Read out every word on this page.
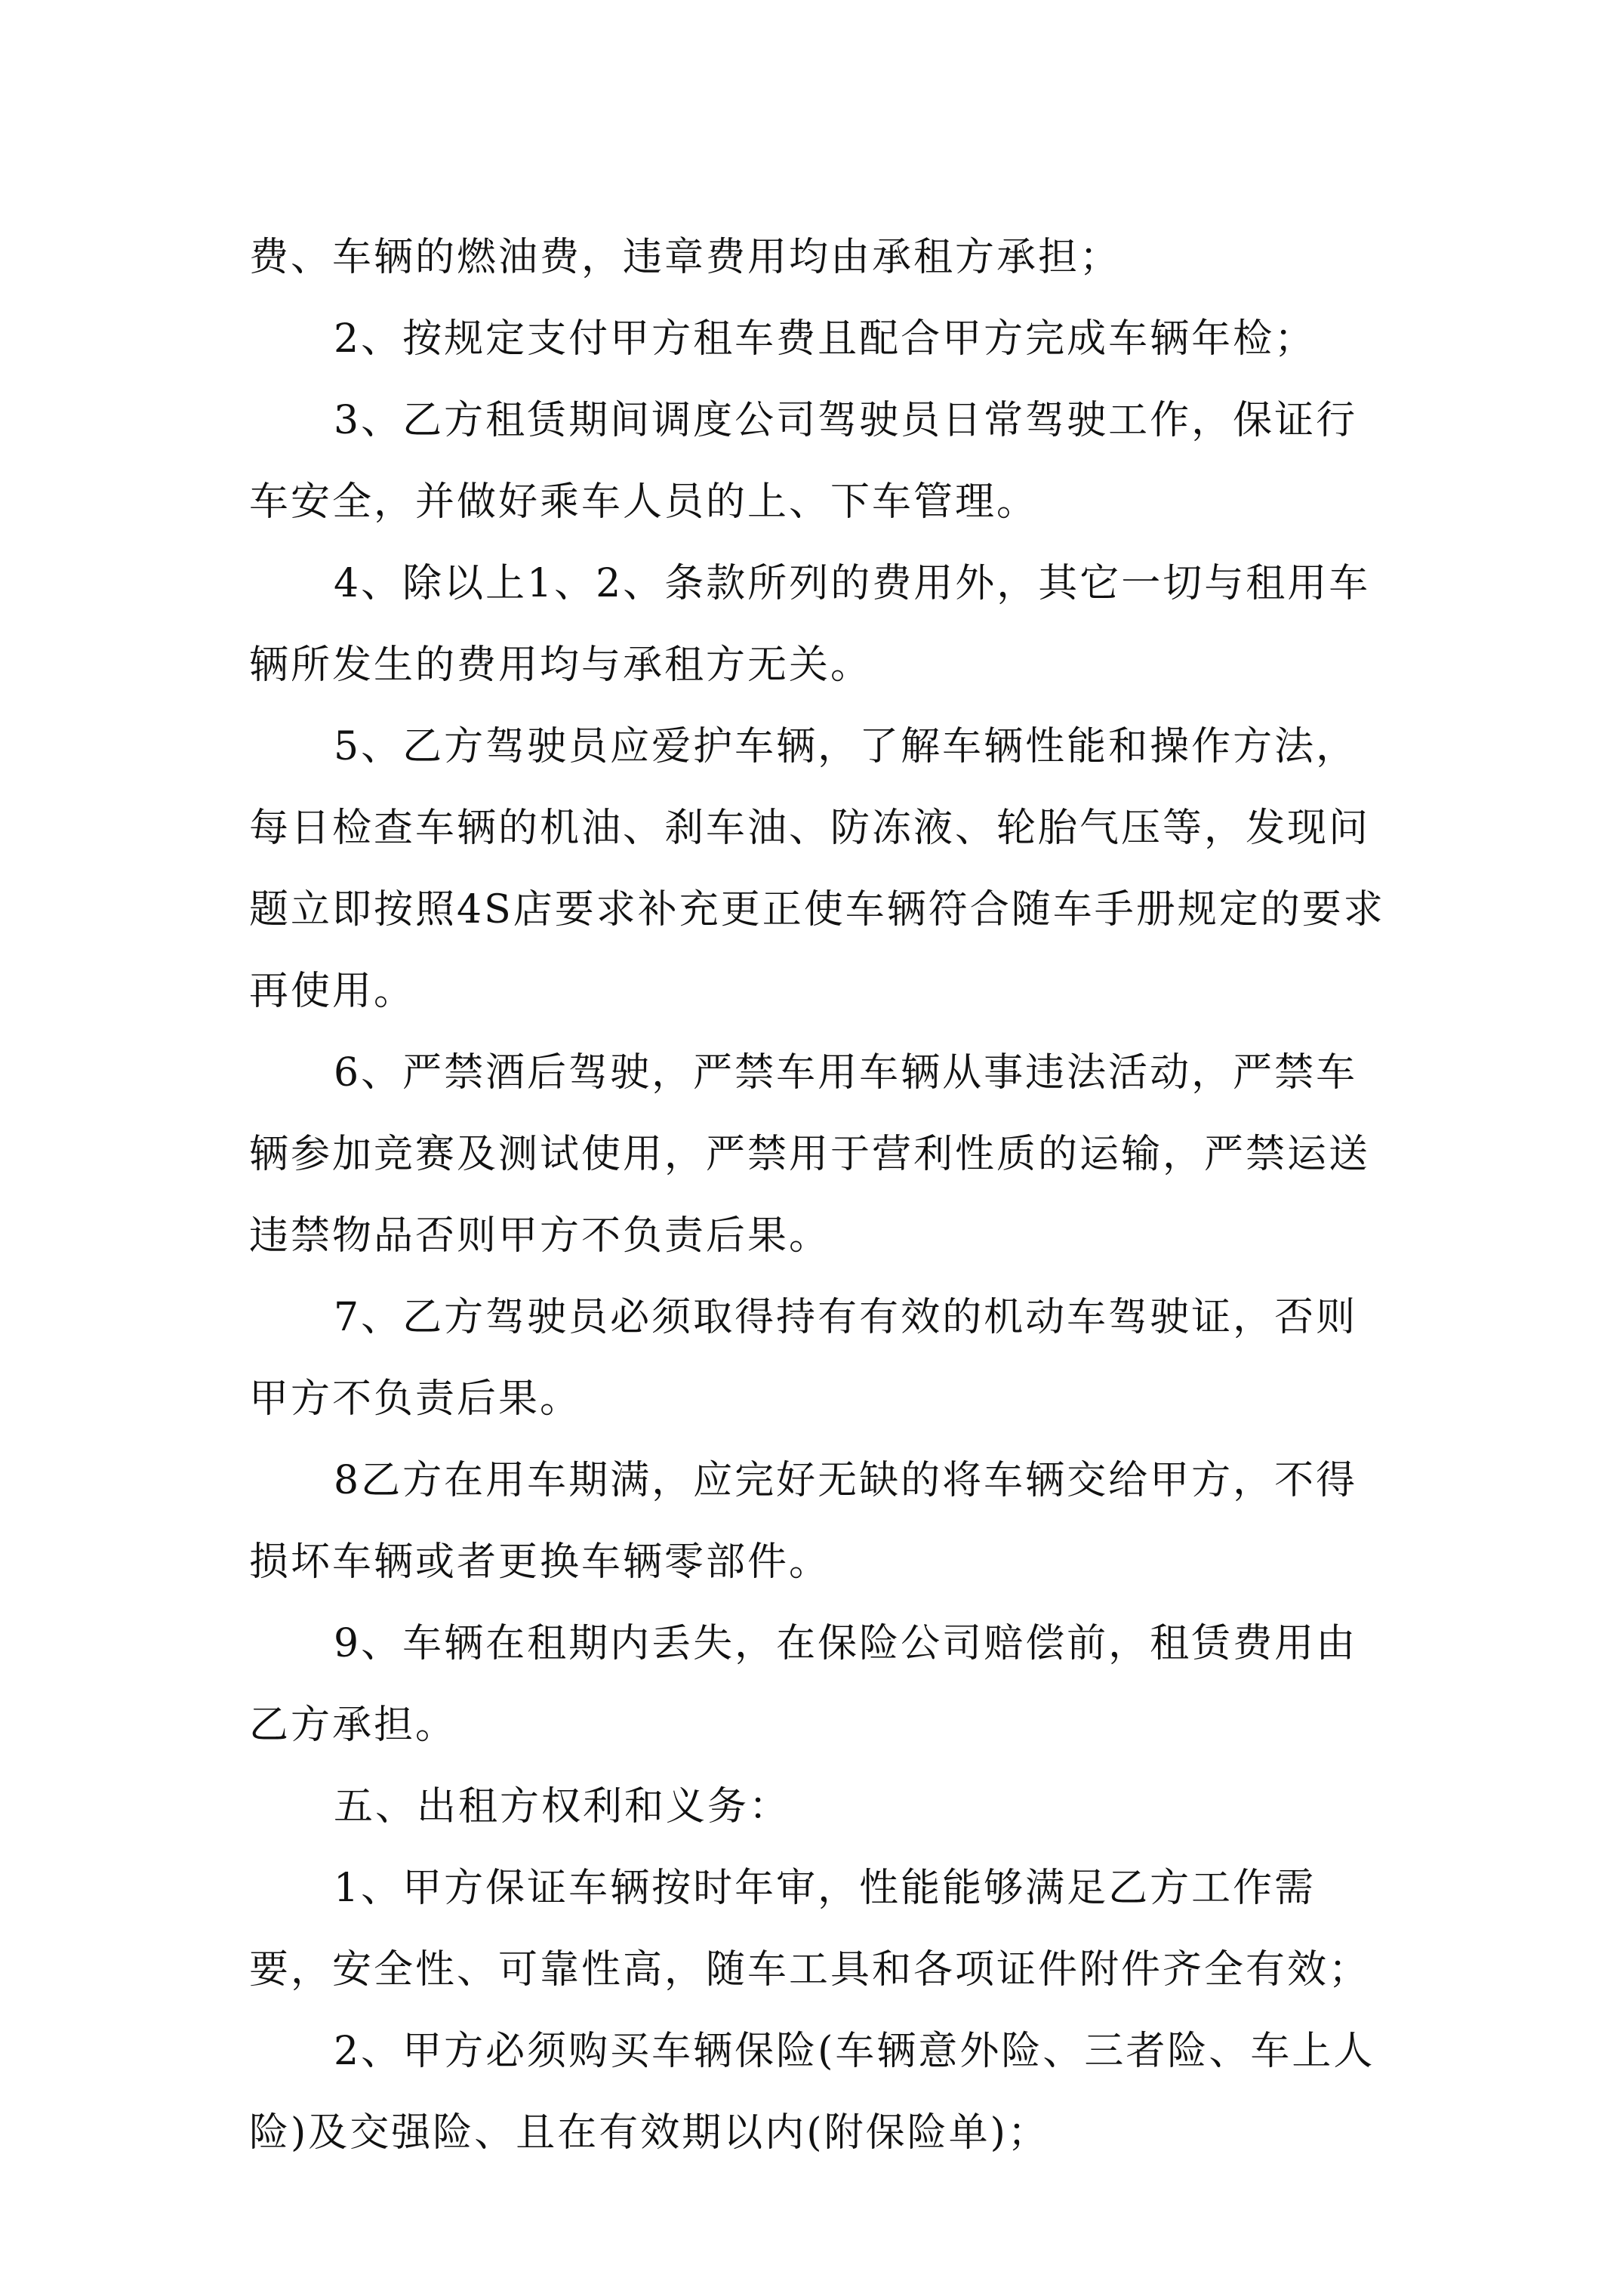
费、车辆的燃油费，违章费用均由承租方承担；

2、按规定支付甲方租车费且配合甲方完成车辆年检；

3、乙方租赁期间调度公司驾驶员日常驾驶工作，保证行车安全，并做好乘车人员的上、下车管理。

4、除以上1、2、条款所列的费用外，其它一切与租用车辆所发生的费用均与承租方无关。

5、乙方驾驶员应爱护车辆，了解车辆性能和操作方法，每日检查车辆的机油、刹车油、防冻液、轮胎气压等，发现问题立即按照4S店要求补充更正使车辆符合随车手册规定的要求再使用。

6、严禁酒后驾驶，严禁车用车辆从事违法活动，严禁车辆参加竞赛及测试使用，严禁用于营利性质的运输，严禁运送违禁物品否则甲方不负责后果。

7、乙方驾驶员必须取得持有有效的机动车驾驶证，否则甲方不负责后果。

8乙方在用车期满，应完好无缺的将车辆交给甲方，不得损坏车辆或者更换车辆零部件。

9、车辆在租期内丢失，在保险公司赔偿前，租赁费用由乙方承担。

五、出租方权利和义务：

1、甲方保证车辆按时年审，性能能够满足乙方工作需要，安全性、可靠性高，随车工具和各项证件附件齐全有效；

2、甲方必须购买车辆保险(车辆意外险、三者险、车上人险)及交强险、且在有效期以内(附保险单)；
